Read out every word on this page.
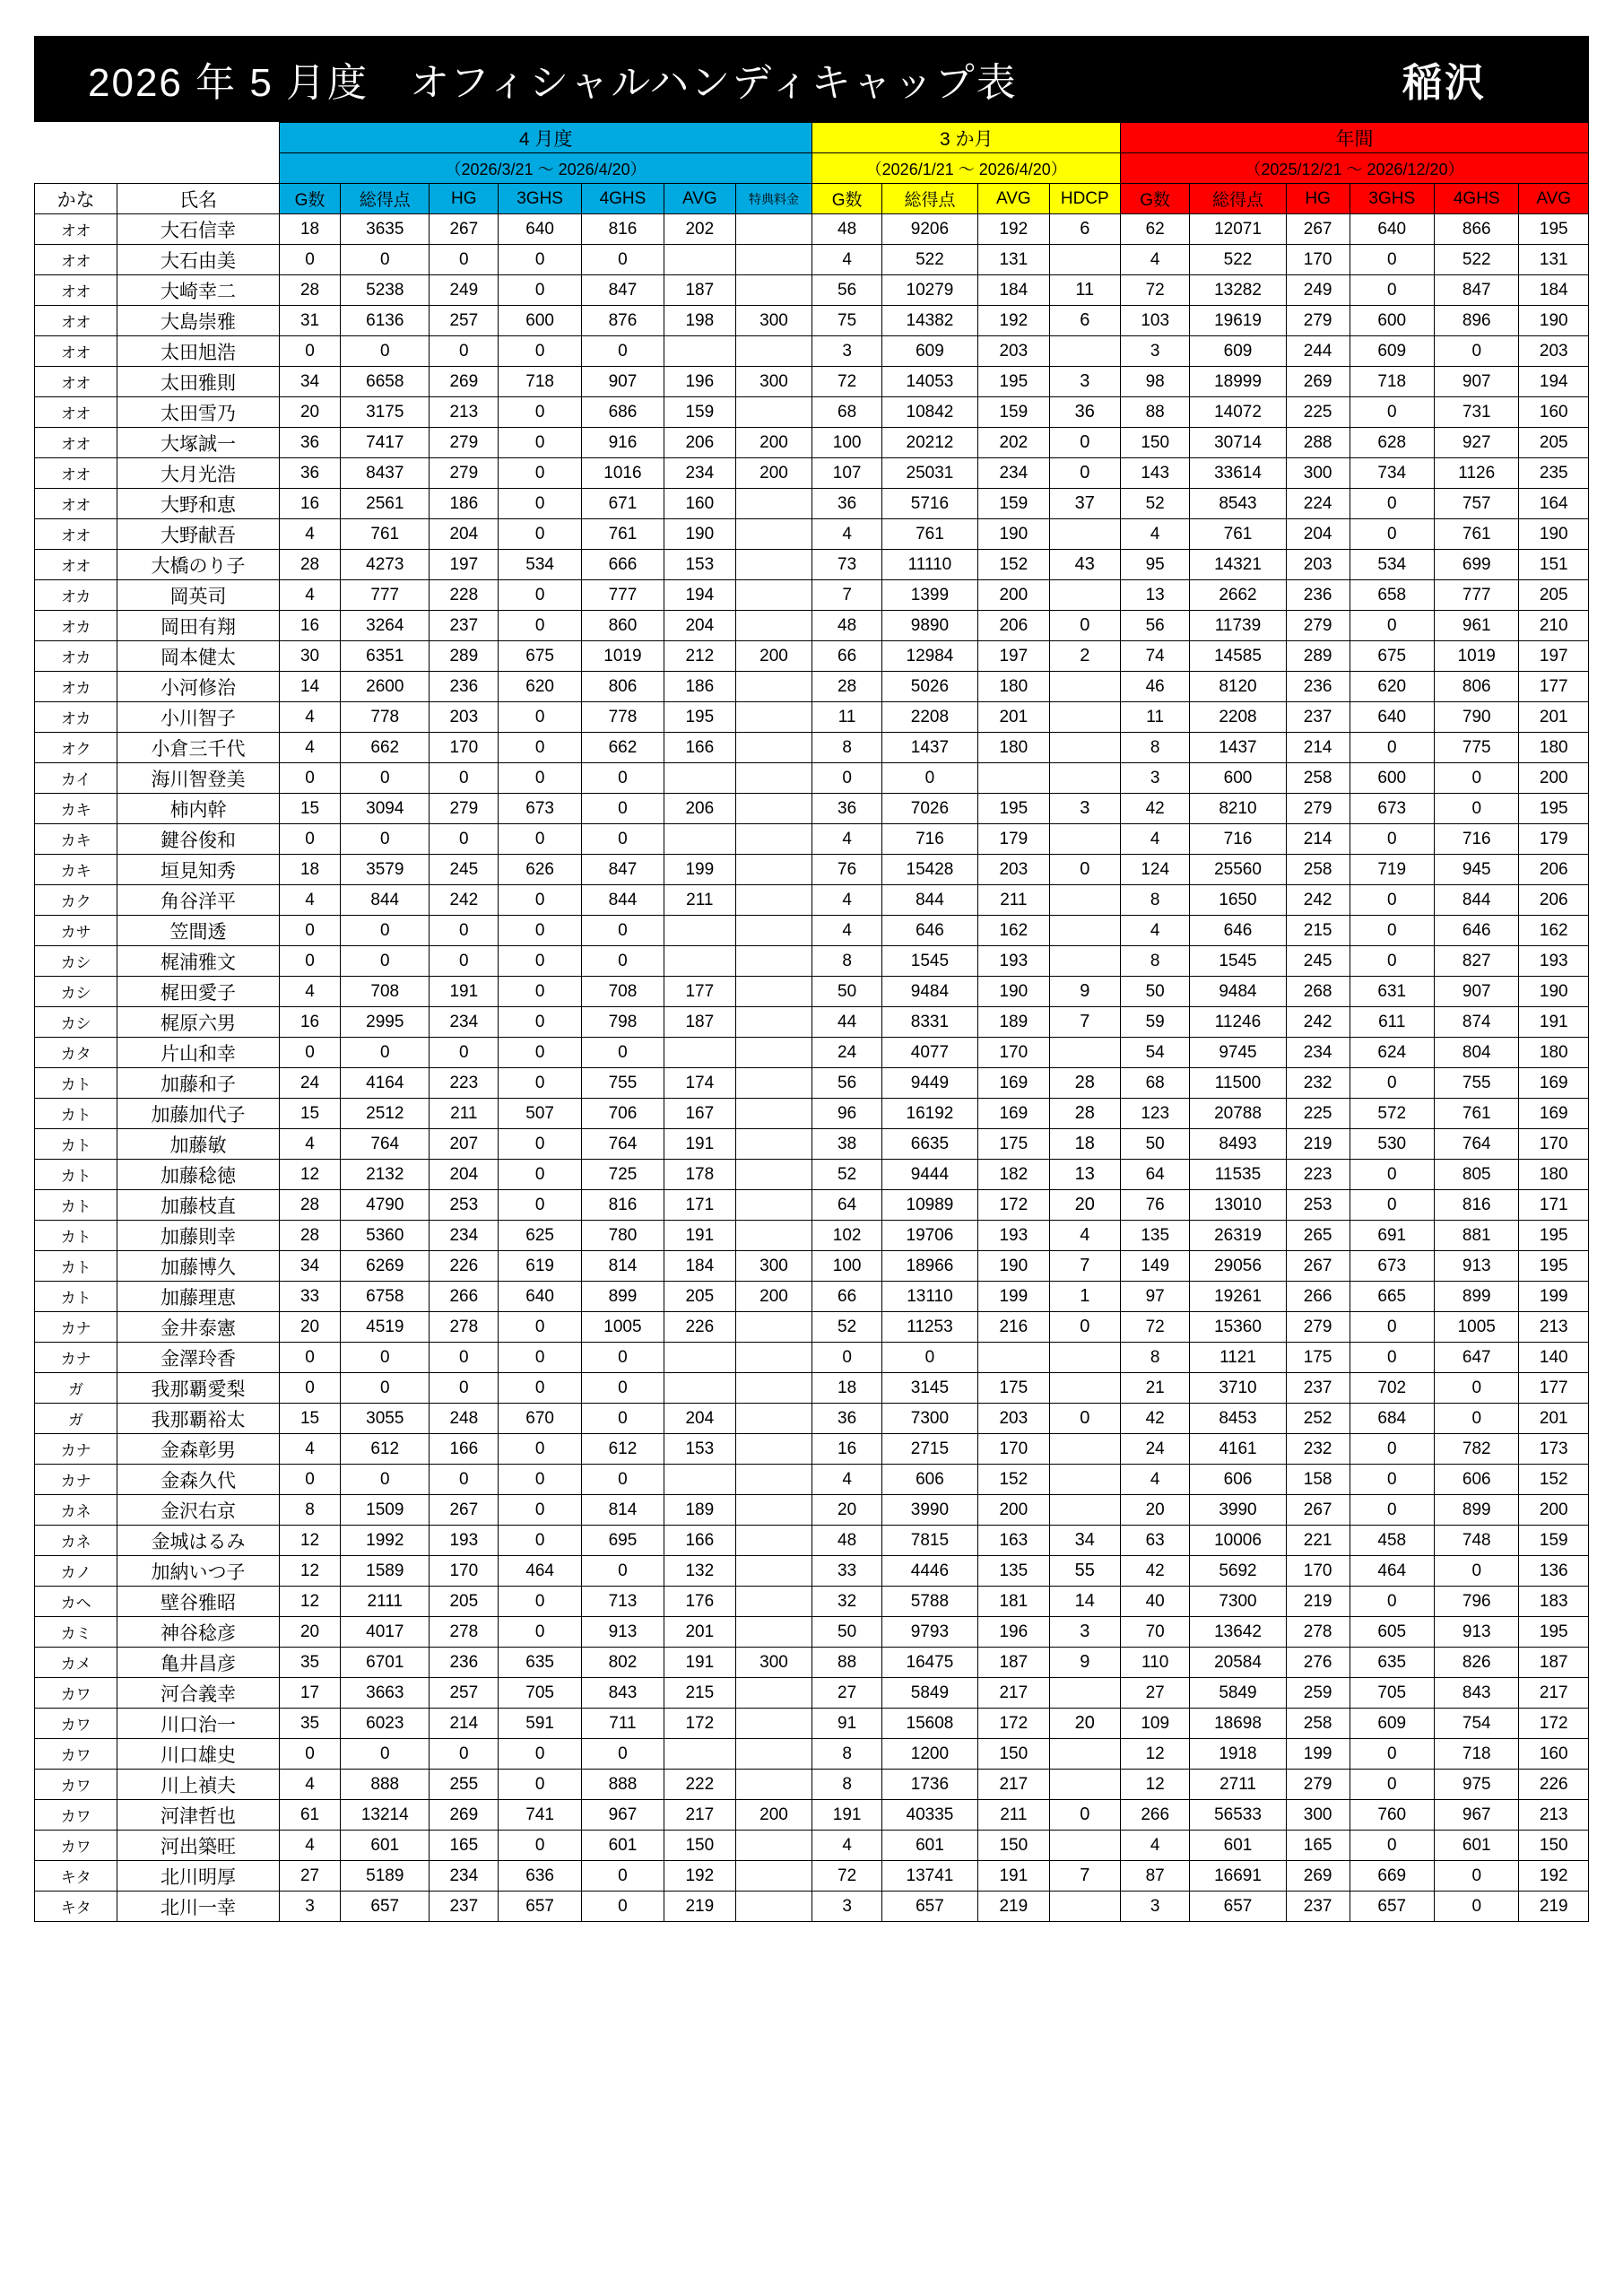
2026 年 5 月度　オフィシャルハンディキャップ表	稲沢
		4 月度							3 か月				年間					
		（2026/3/21 ～ 2026/4/20）							（2026/1/21 ～ 2026/4/20）				（2025/12/21 ～ 2026/12/20）					
かな	氏名	G数	総得点	HG	3GHS	4GHS	AVG	特典料金	G数	総得点	AVG	HDCP	G数	総得点	HG	3GHS	4GHS	AVG
オオ	大石信幸	18	3635	267	640	816	202		48	9206	192	6	62	12071	267	640	866	195
オオ	大石由美	0	0	0	0	0			4	522	131		4	522	170	0	522	131
オオ	大崎幸二	28	5238	249	0	847	187		56	10279	184	11	72	13282	249	0	847	184
オオ	大島崇雅	31	6136	257	600	876	198	300	75	14382	192	6	103	19619	279	600	896	190
オオ	太田旭浩	0	0	0	0	0			3	609	203		3	609	244	609	0	203
オオ	太田雅則	34	6658	269	718	907	196	300	72	14053	195	3	98	18999	269	718	907	194
オオ	太田雪乃	20	3175	213	0	686	159		68	10842	159	36	88	14072	225	0	731	160
オオ	大塚誠一	36	7417	279	0	916	206	200	100	20212	202	0	150	30714	288	628	927	205
オオ	大月光浩	36	8437	279	0	1016	234	200	107	25031	234	0	143	33614	300	734	1126	235
オオ	大野和恵	16	2561	186	0	671	160		36	5716	159	37	52	8543	224	0	757	164
オオ	大野献吾	4	761	204	0	761	190		4	761	190		4	761	204	0	761	190
オオ	大橋のり子	28	4273	197	534	666	153		73	11110	152	43	95	14321	203	534	699	151
オカ	岡英司	4	777	228	0	777	194		7	1399	200		13	2662	236	658	777	205
オカ	岡田有翔	16	3264	237	0	860	204		48	9890	206	0	56	11739	279	0	961	210
オカ	岡本健太	30	6351	289	675	1019	212	200	66	12984	197	2	74	14585	289	675	1019	197
オカ	小河修治	14	2600	236	620	806	186		28	5026	180		46	8120	236	620	806	177
オカ	小川智子	4	778	203	0	778	195		11	2208	201		11	2208	237	640	790	201
オク	小倉三千代	4	662	170	0	662	166		8	1437	180		8	1437	214	0	775	180
カイ	海川智登美	0	0	0	0	0			0	0			3	600	258	600	0	200
カキ	柿内幹	15	3094	279	673	0	206		36	7026	195	3	42	8210	279	673	0	195
カキ	鍵谷俊和	0	0	0	0	0			4	716	179		4	716	214	0	716	179
カキ	垣見知秀	18	3579	245	626	847	199		76	15428	203	0	124	25560	258	719	945	206
カク	角谷洋平	4	844	242	0	844	211		4	844	211		8	1650	242	0	844	206
カサ	笠間透	0	0	0	0	0			4	646	162		4	646	215	0	646	162
カシ	梶浦雅文	0	0	0	0	0			8	1545	193		8	1545	245	0	827	193
カシ	梶田愛子	4	708	191	0	708	177		50	9484	190	9	50	9484	268	631	907	190
カシ	梶原六男	16	2995	234	0	798	187		44	8331	189	7	59	11246	242	611	874	191
カタ	片山和幸	0	0	0	0	0			24	4077	170		54	9745	234	624	804	180
カト	加藤和子	24	4164	223	0	755	174		56	9449	169	28	68	11500	232	0	755	169
カト	加藤加代子	15	2512	211	507	706	167		96	16192	169	28	123	20788	225	572	761	169
カト	加藤敏	4	764	207	0	764	191		38	6635	175	18	50	8493	219	530	764	170
カト	加藤稔徳	12	2132	204	0	725	178		52	9444	182	13	64	11535	223	0	805	180
カト	加藤枝直	28	4790	253	0	816	171		64	10989	172	20	76	13010	253	0	816	171
カト	加藤則幸	28	5360	234	625	780	191		102	19706	193	4	135	26319	265	691	881	195
カト	加藤博久	34	6269	226	619	814	184	300	100	18966	190	7	149	29056	267	673	913	195
カト	加藤理恵	33	6758	266	640	899	205	200	66	13110	199	1	97	19261	266	665	899	199
カナ	金井泰憲	20	4519	278	0	1005	226		52	11253	216	0	72	15360	279	0	1005	213
カナ	金澤玲香	0	0	0	0	0			0	0			8	1121	175	0	647	140
ガ	我那覇愛梨	0	0	0	0	0			18	3145	175		21	3710	237	702	0	177
ガ	我那覇裕太	15	3055	248	670	0	204		36	7300	203	0	42	8453	252	684	0	201
カナ	金森彰男	4	612	166	0	612	153		16	2715	170		24	4161	232	0	782	173
カナ	金森久代	0	0	0	0	0			4	606	152		4	606	158	0	606	152
カネ	金沢右京	8	1509	267	0	814	189		20	3990	200		20	3990	267	0	899	200
カネ	金城はるみ	12	1992	193	0	695	166		48	7815	163	34	63	10006	221	458	748	159
カノ	加納いつ子	12	1589	170	464	0	132		33	4446	135	55	42	5692	170	464	0	136
カヘ	壁谷雅昭	12	2111	205	0	713	176		32	5788	181	14	40	7300	219	0	796	183
カミ	神谷稔彦	20	4017	278	0	913	201		50	9793	196	3	70	13642	278	605	913	195
カメ	亀井昌彦	35	6701	236	635	802	191	300	88	16475	187	9	110	20584	276	635	826	187
カワ	河合義幸	17	3663	257	705	843	215		27	5849	217		27	5849	259	705	843	217
カワ	川口治一	35	6023	214	591	711	172		91	15608	172	20	109	18698	258	609	754	172
カワ	川口雄史	0	0	0	0	0			8	1200	150		12	1918	199	0	718	160
カワ	川上禎夫	4	888	255	0	888	222		8	1736	217		12	2711	279	0	975	226
カワ	河津哲也	61	13214	269	741	967	217	200	191	40335	211	0	266	56533	300	760	967	213
カワ	河出築旺	4	601	165	0	601	150		4	601	150		4	601	165	0	601	150
キタ	北川明厚	27	5189	234	636	0	192		72	13741	191	7	87	16691	269	669	0	192
キタ	北川一幸	3	657	237	657	0	219		3	657	219		3	657	237	657	0	219
